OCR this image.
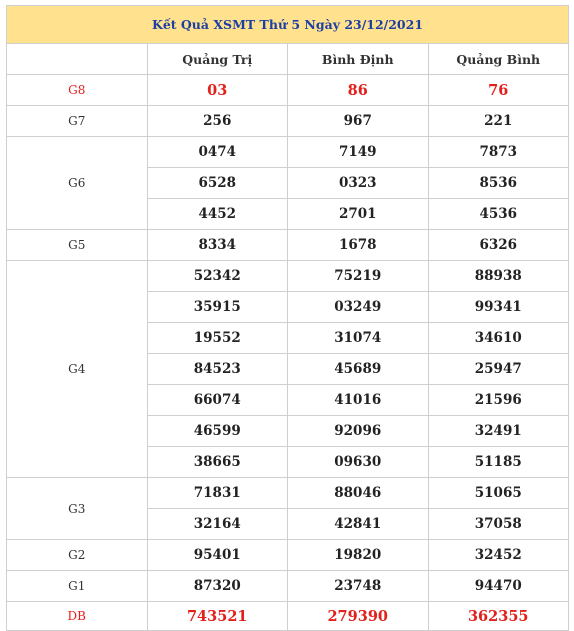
Kết Quả XSMT Thứ 5 Ngày 23/12/2021			
	Quảng Trị	Bình Định	Quảng Bình
G8	03	86	76
G7	256	967	221
G6	0474	7149	7873
	6528	0323	8536
	4452	2701	4536
G5	8334	1678	6326
G4	52342	75219	88938
	35915	03249	99341
	19552	31074	34610
	84523	45689	25947
	66074	41016	21596
	46599	92096	32491
	38665	09630	51185
G3	71831	88046	51065
	32164	42841	37058
G2	95401	19820	32452
G1	87320	23748	94470
DB	743521	279390	362355
